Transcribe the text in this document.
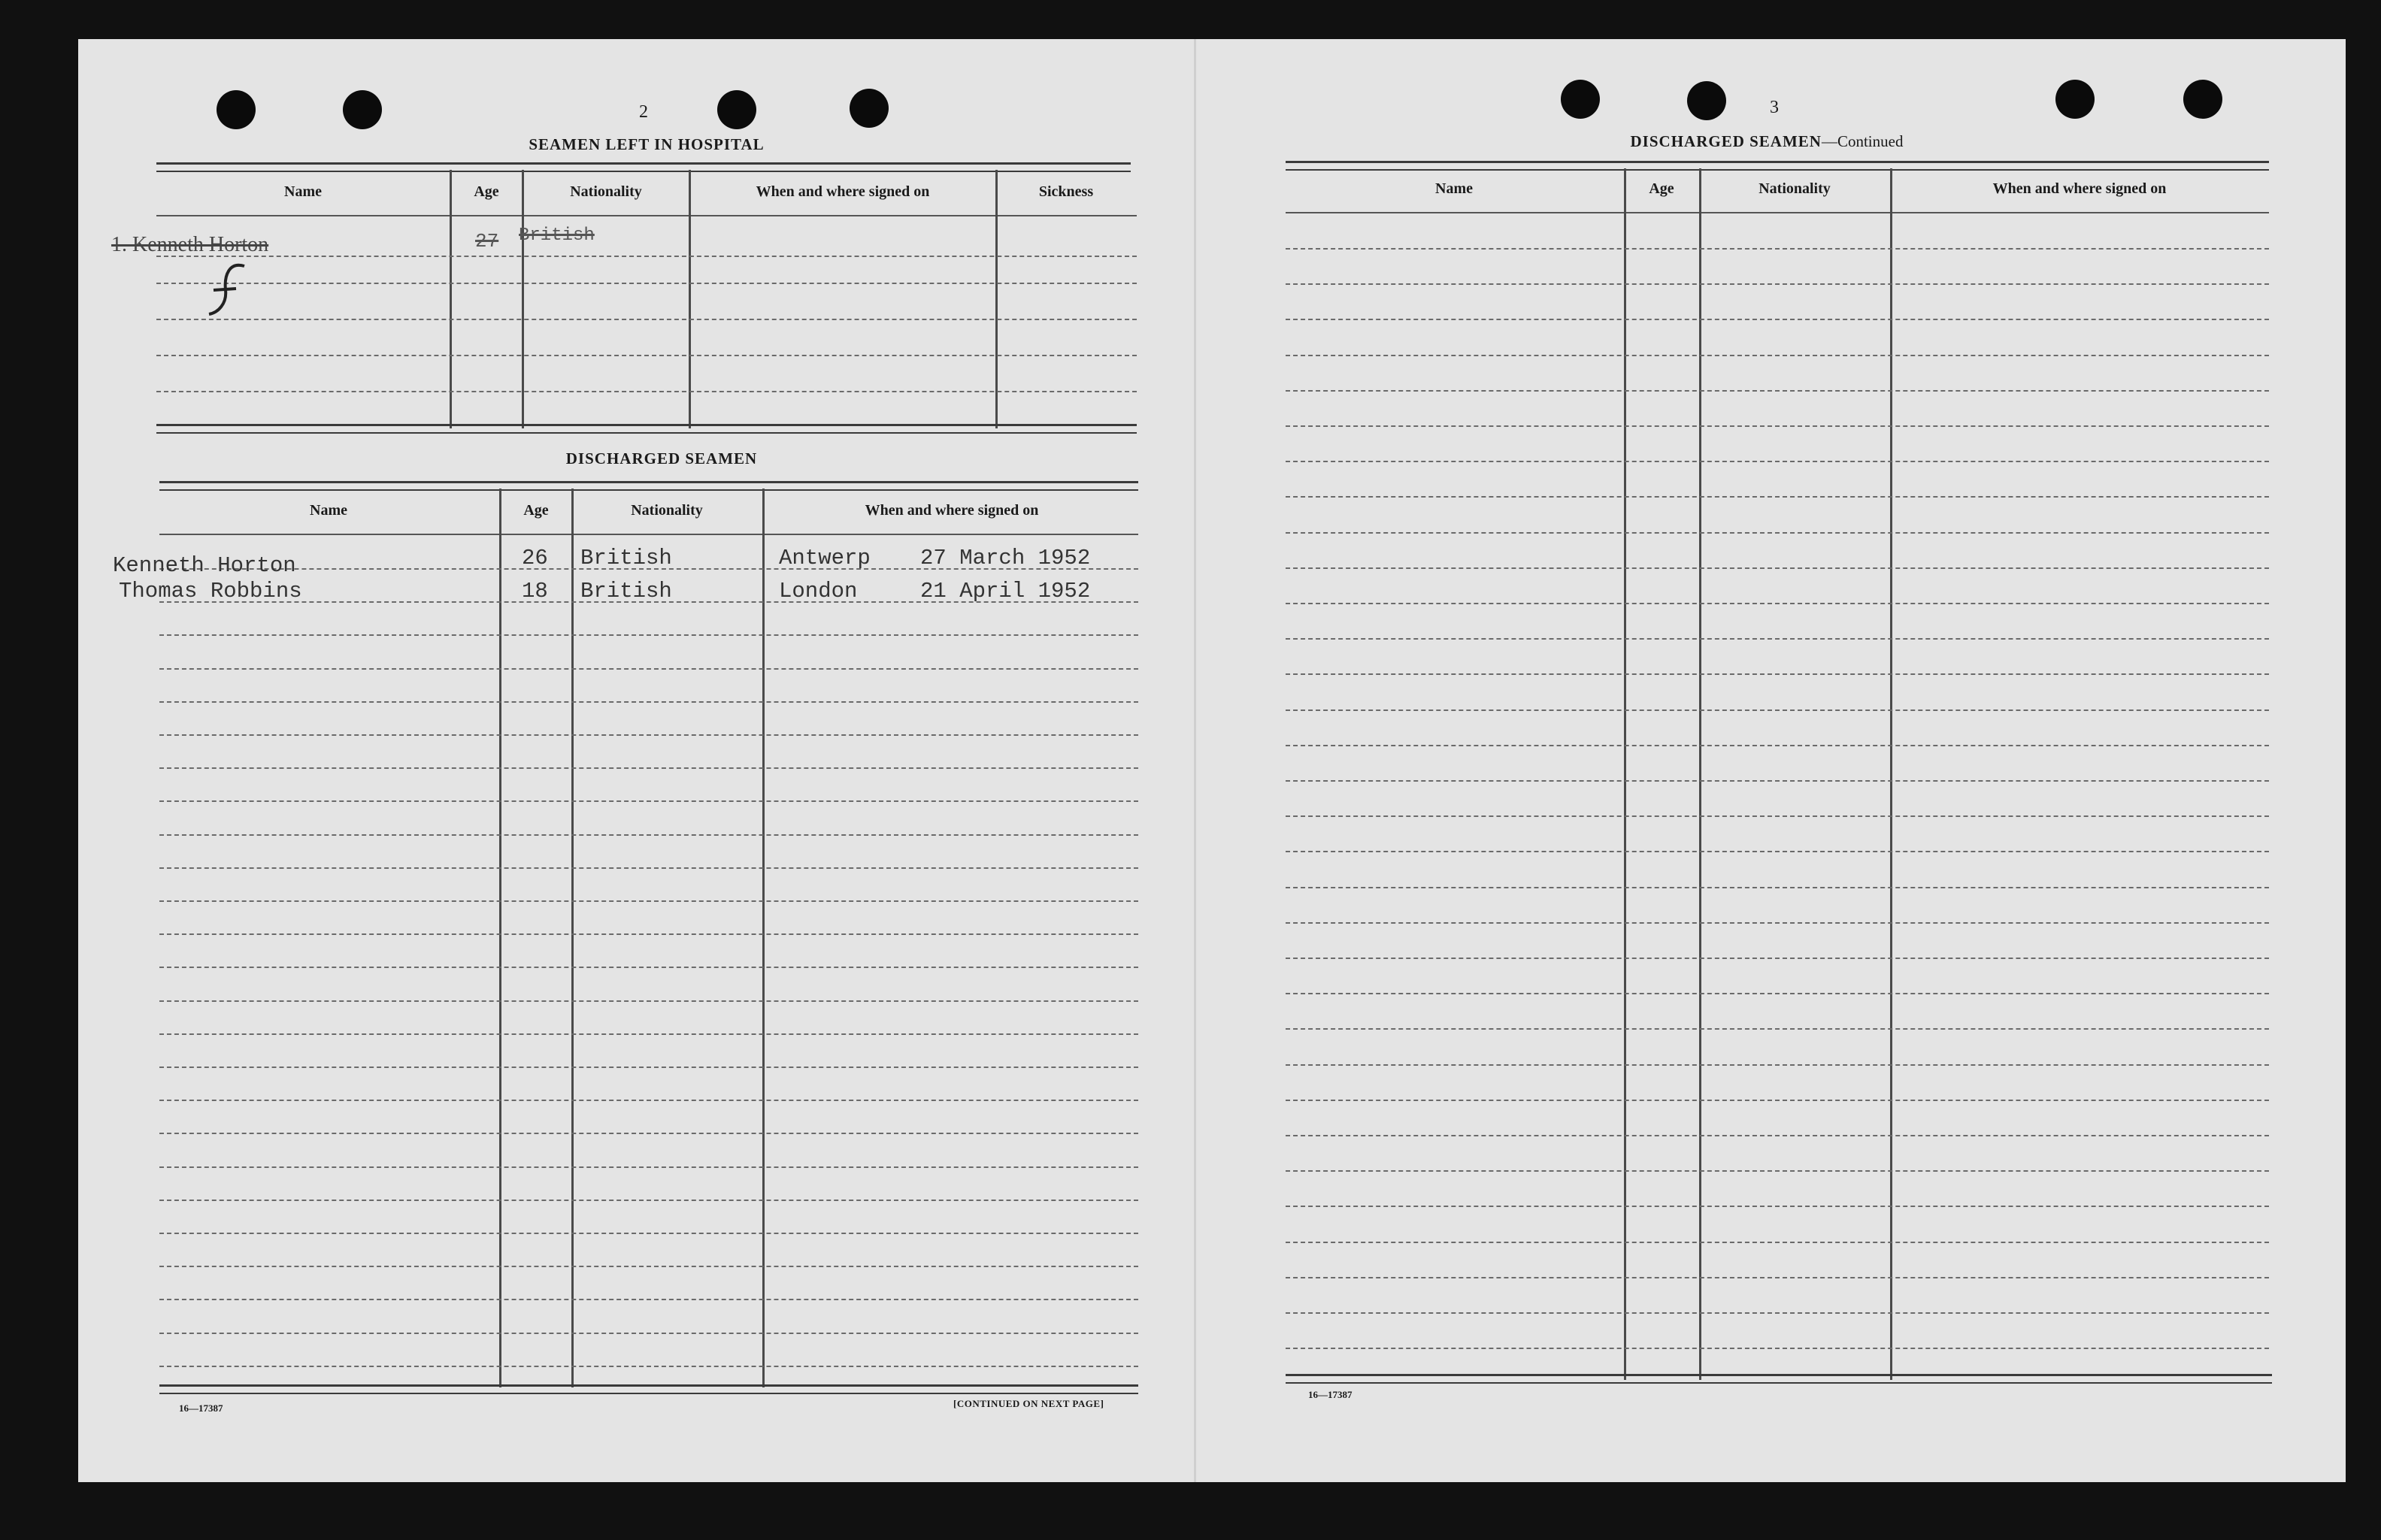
2
SEAMEN LEFT IN HOSPITAL
Name	Age	Nationality	When and where signed on	Sickness
1. Kenneth Horton	27 British
DISCHARGED SEAMEN
Name	Age	Nationality	When and where signed on
Kenneth Horton	26 British	Antwerp 27 March 1952
Thomas Robbins	18 British	London	21 April 1952
16—17387	[CONTINUED ON NEXT PAGE]
3
DISCHARGED SEAMEN—Continued
Name	Age	Nationality	When and where signed on
16—17387
